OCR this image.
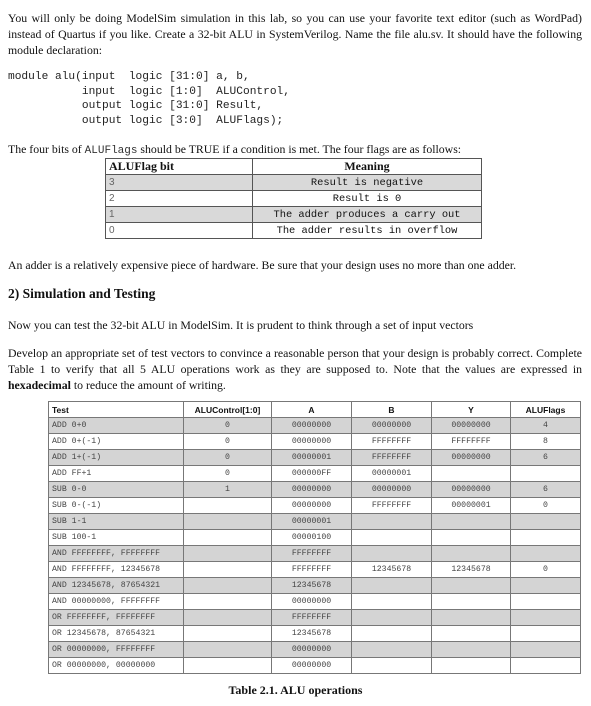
You will only be doing ModelSim simulation in this lab, so you can use your favorite text editor (such as WordPad) instead of Quartus if you like. Create a 32-bit ALU in SystemVerilog. Name the file alu.sv. It should have the following module declaration:

module alu(input  logic [31:0] a, b,
input  logic [1:0]  ALUControl,
output logic [31:0] Result,
output logic [3:0]  ALUFlags);

The four bits of ALUFlags should be TRUE if a condition is met. The four flags are as follows:

ALUFlag bit	Meaning
3	Result is negative
2	Result is 0
1	The adder produces a carry out
0	The adder results in overflow

An adder is a relatively expensive piece of hardware. Be sure that your design uses no more than one adder.

2) Simulation and Testing

Now you can test the 32-bit ALU in ModelSim. It is prudent to think through a set of input vectors

Develop an appropriate set of test vectors to convince a reasonable person that your design is probably correct. Complete Table 1 to verify that all 5 ALU operations work as they are supposed to. Note that the values are expressed in hexadecimal to reduce the amount of writing.

Test	ALUControl[1:0]	A	B	Y	ALUFlags
ADD 0+0	0	00000000	00000000	00000000	4
ADD 0+(-1)	0	00000000	FFFFFFFF	FFFFFFFF	8
ADD 1+(-1)	0	00000001	FFFFFFFF	00000000	6
ADD FF+1	0	000000FF	00000001		
SUB 0-0	1	00000000	00000000	00000000	6
SUB 0-(-1)		00000000	FFFFFFFF	00000001	0
SUB 1-1		00000001			
SUB 100-1		00000100			
AND FFFFFFFF, FFFFFFFF		FFFFFFFF			
AND FFFFFFFF, 12345678		FFFFFFFF	12345678	12345678	0
AND 12345678, 87654321		12345678			
AND 00000000, FFFFFFFF		00000000			
OR FFFFFFFF, FFFFFFFF		FFFFFFFF			
OR 12345678, 87654321		12345678			
OR 00000000, FFFFFFFF		00000000			
OR 00000000, 00000000		00000000			
Table 2.1. ALU operations
